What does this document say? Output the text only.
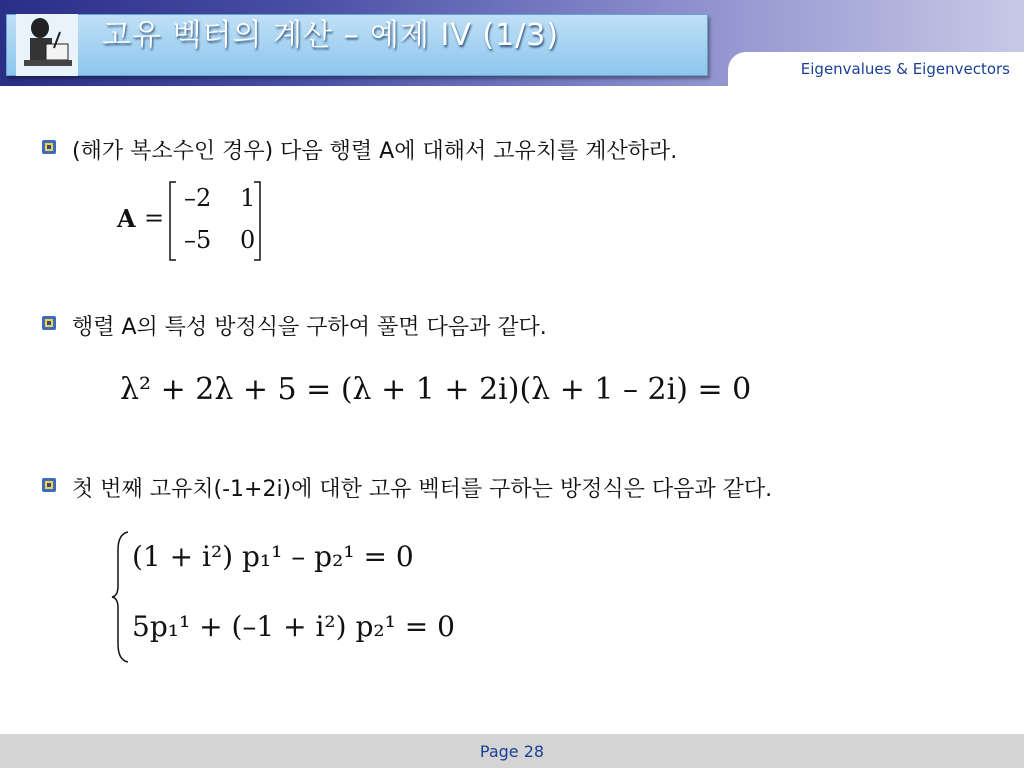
고유 벡터의 계산 – 예제 IV (1/3)
Eigenvalues & Eigenvectors
(해가 복소수인 경우) 다음 행렬 A에 대해서 고유치를 계산하라.
A =
–2 1
–5 0
행렬 A의 특성 방정식을 구하여 풀면 다음과 같다.
λ² + 2λ + 5 = (λ + 1 + 2i)(λ + 1 – 2i) = 0
첫 번째 고유치(-1+2i)에 대한 고유 벡터를 구하는 방정식은 다음과 같다.
(1 + i²) p₁¹ – p₂¹ = 0
5p₁¹ + (–1 + i²) p₂¹ = 0
Page 28
